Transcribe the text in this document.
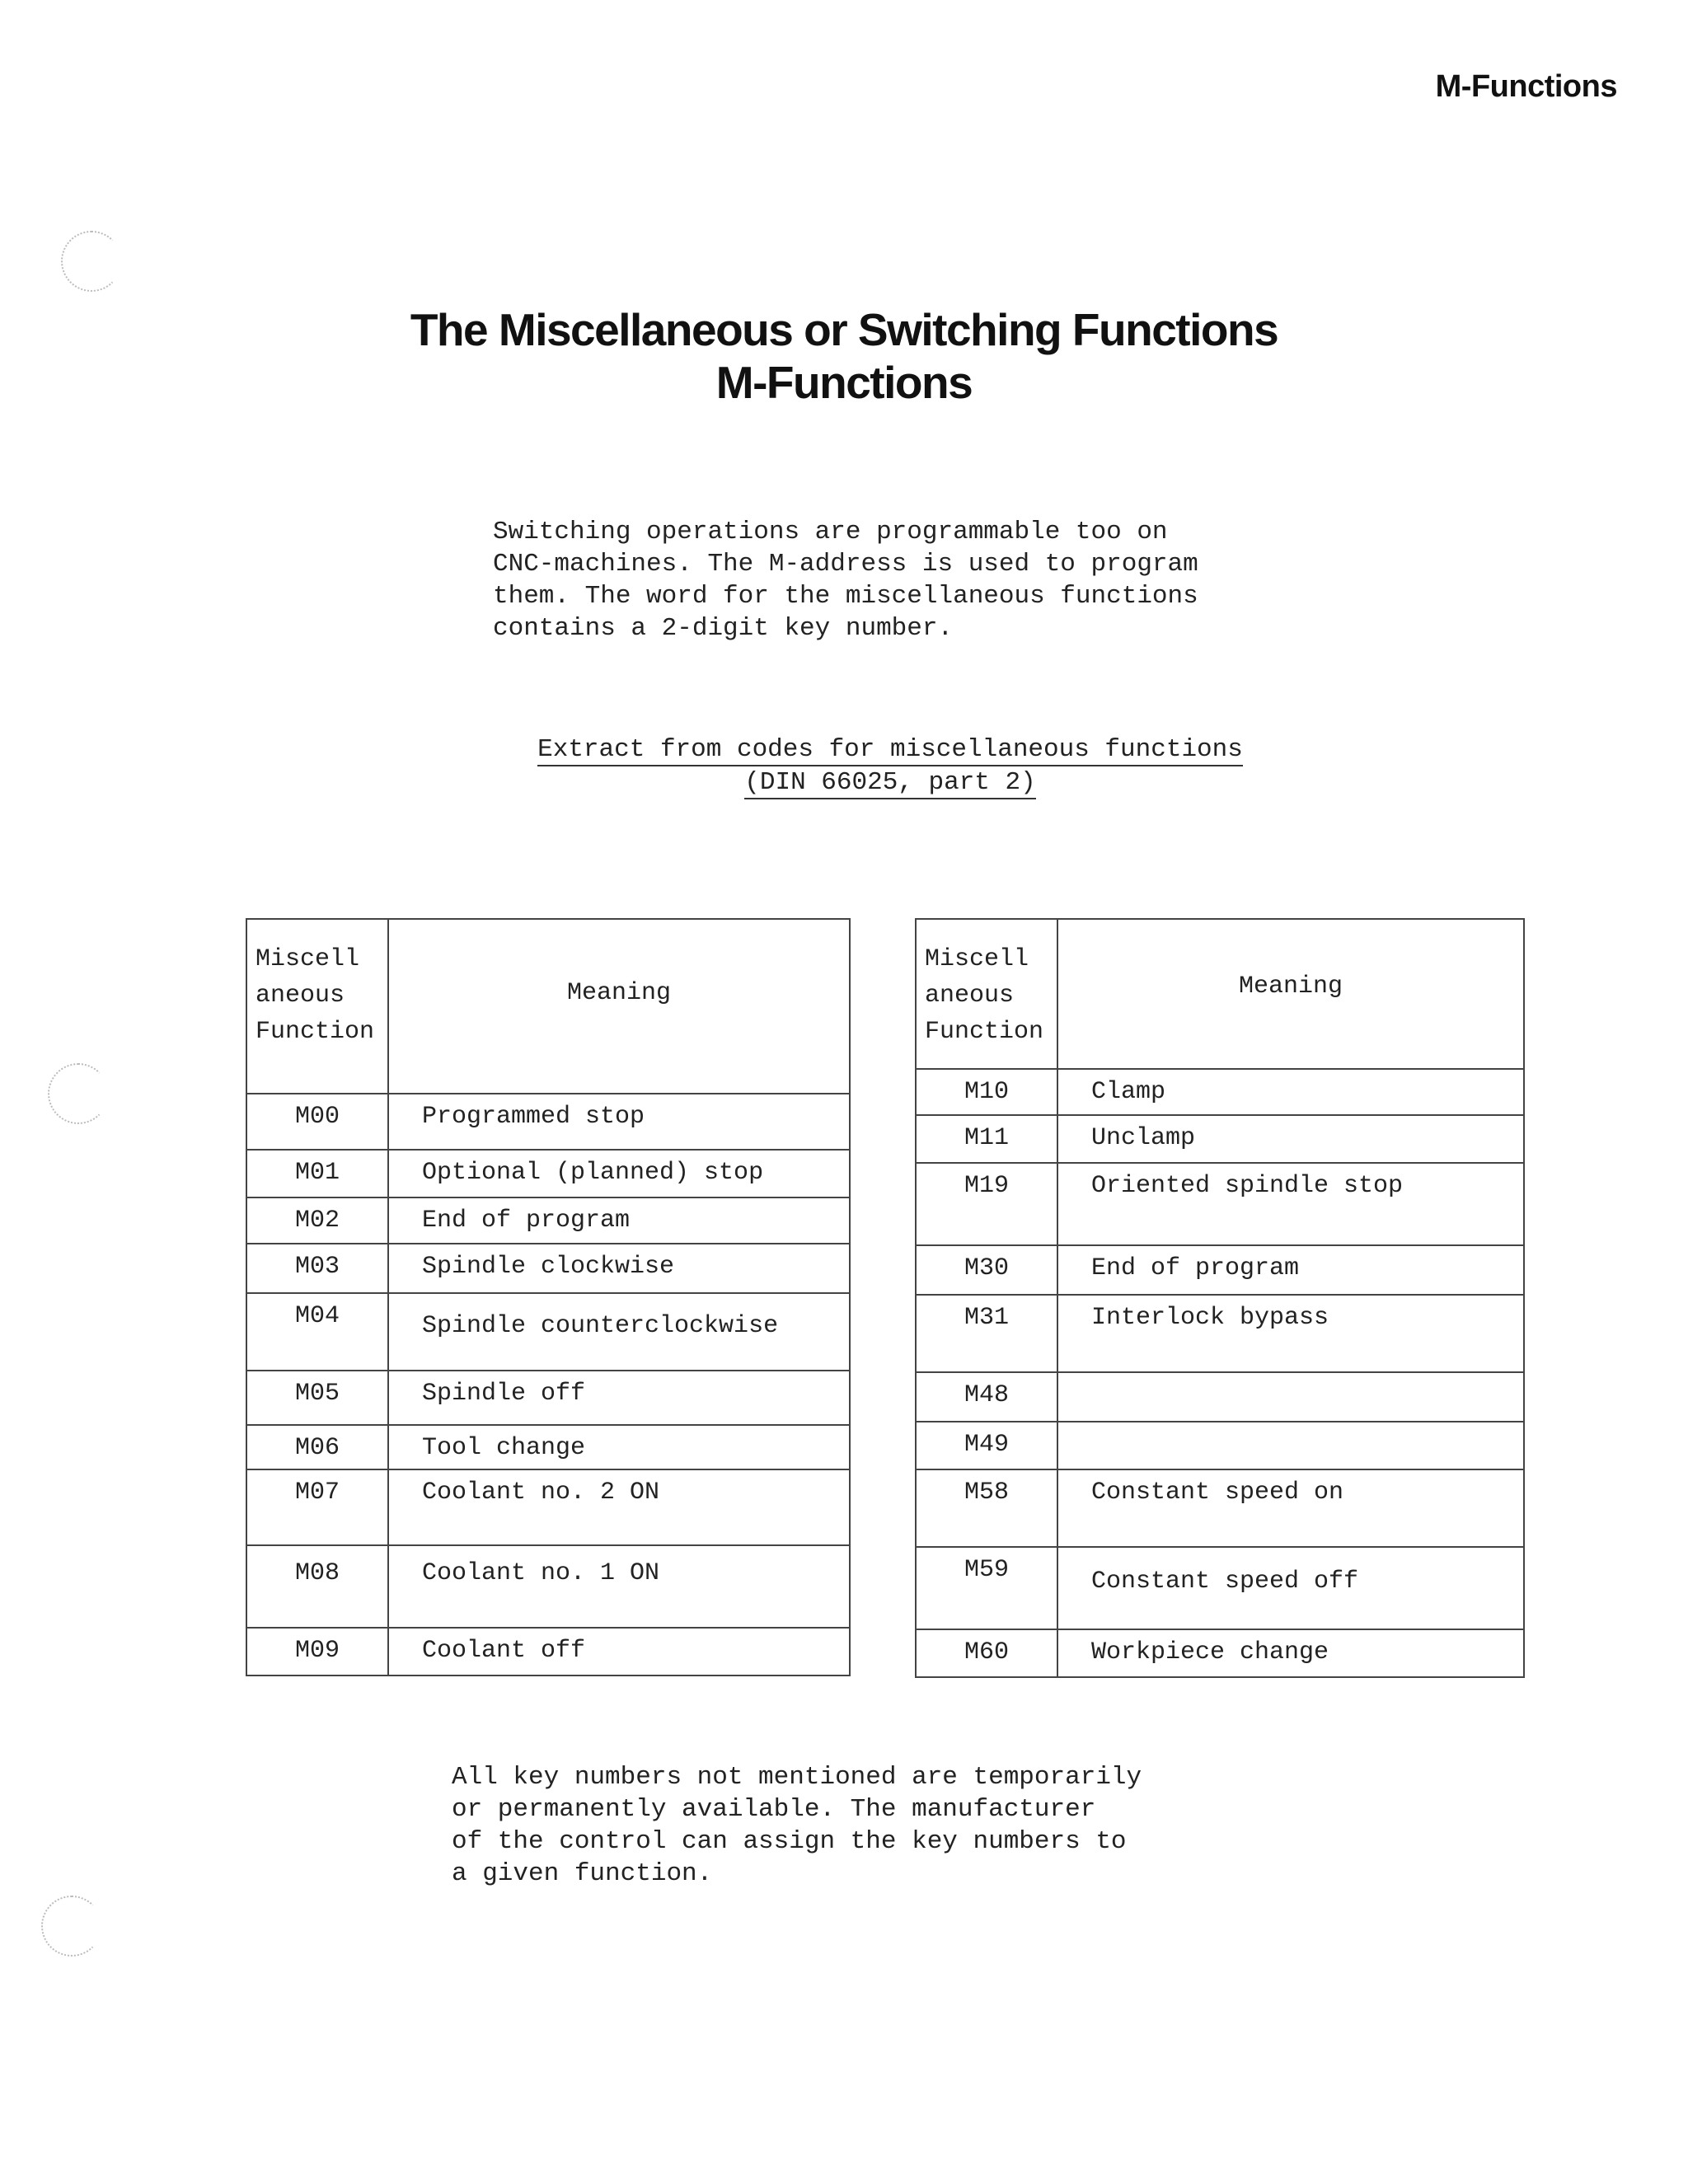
M-Functions
The Miscellaneous or Switching Functions
M-Functions
Switching operations are programmable too on
CNC-machines. The M-address is used to program
them. The word for the miscellaneous functions
contains a 2-digit key number.
Extract from codes for miscellaneous functions
(DIN 66025, part 2)
Miscell
aneous
Function	Meaning
M00	Programmed stop
M01	Optional (planned) stop
M02	End of program
M03	Spindle clockwise
M04	Spindle counterclockwise
M05	Spindle off
M06	Tool change
M07	Coolant no. 2 ON
M08	Coolant no. 1 ON
M09	Coolant off
Miscell
aneous
Function	Meaning
M10	Clamp
M11	Unclamp
M19	Oriented spindle stop
M30	End of program
M31	Interlock bypass
M48	
M49	
M58	Constant speed on
M59	Constant speed off
M60	Workpiece change
All key numbers not mentioned are temporarily
or permanently available. The manufacturer
of the control can assign the key numbers to
a given function.
